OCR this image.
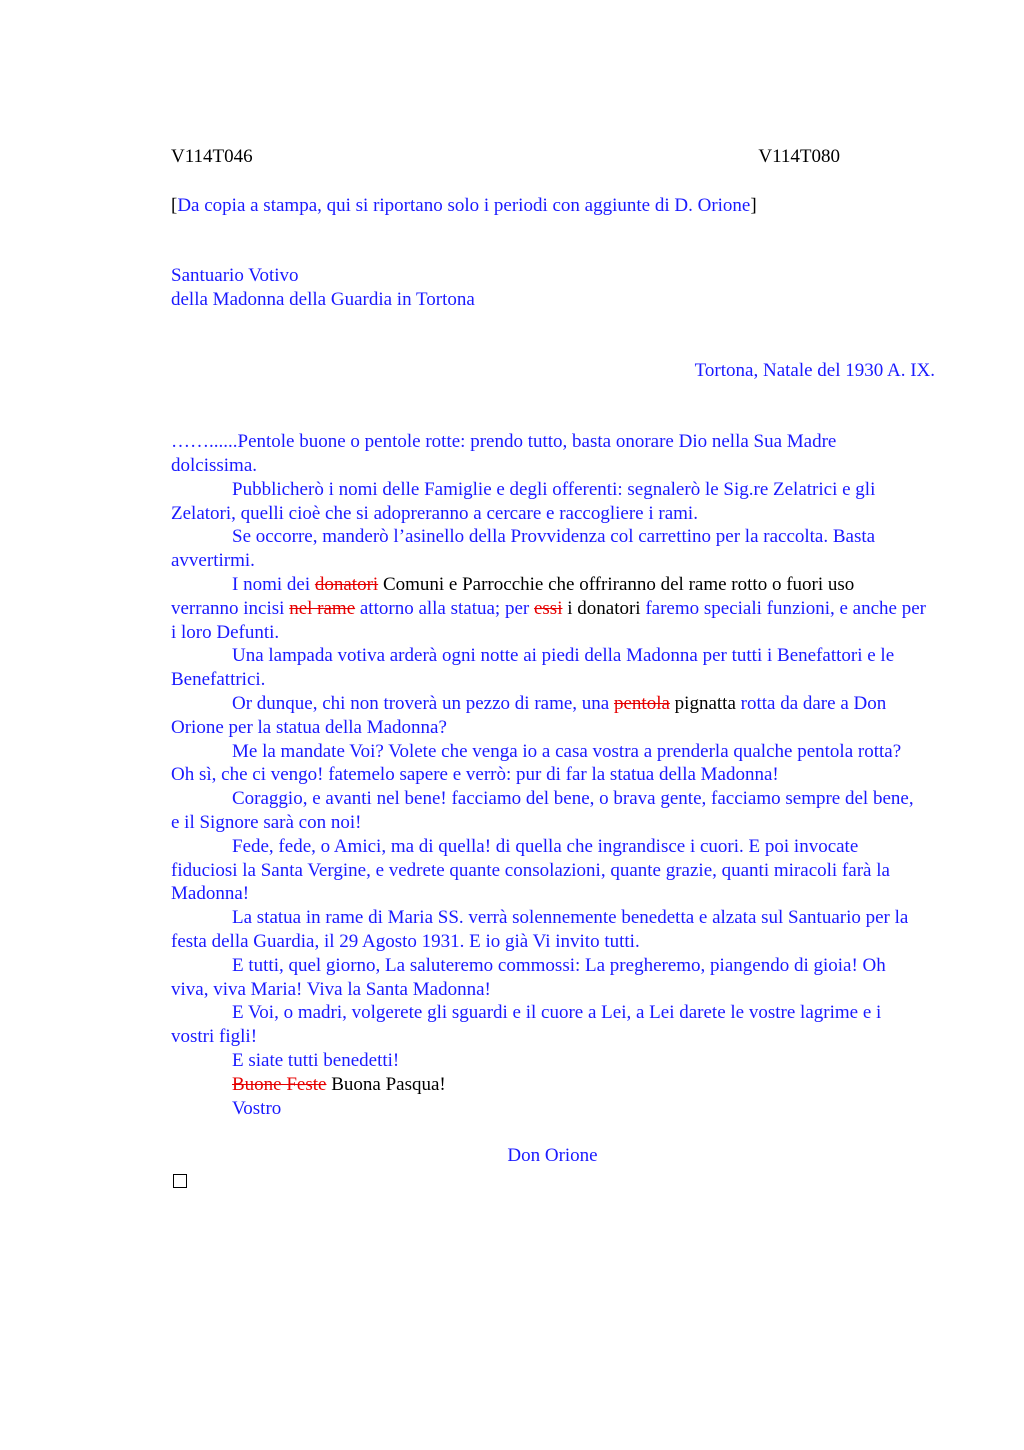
V114T046	V114T080

[Da copia a stampa, qui si riportano solo i periodi con aggiunte di D. Orione]

Santuario Votivo
della Madonna della Guardia in Tortona

Tortona, Natale del 1930 A. IX.

……......Pentole buone o pentole rotte: prendo tutto, basta onorare Dio nella Sua Madre dolcissima.

Pubblicherò i nomi delle Famiglie e degli offerenti: segnalerò le Sig.re Zelatrici e gli Zelatori, quelli cioè che si adopreranno a cercare e raccogliere i rami.

Se occorre, manderò l’asinello della Provvidenza col carrettino per la raccolta. Basta avvertirmi.

I nomi dei donatori Comuni e Parrocchie che offriranno del rame rotto o fuori uso verranno incisi nel rame attorno alla statua; per essi i donatori faremo speciali funzioni, e anche per i loro Defunti.

Una lampada votiva arderà ogni notte ai piedi della Madonna per tutti i Benefattori e le Benefattrici.

Or dunque, chi non troverà un pezzo di rame, una pentola pignatta rotta da dare a Don Orione per la statua della Madonna?

Me la mandate Voi? Volete che venga io a casa vostra a prenderla qualche pentola rotta? Oh sì, che ci vengo! fatemelo sapere e verrò: pur di far la statua della Madonna!

Coraggio, e avanti nel bene! facciamo del bene, o brava gente, facciamo sempre del bene, e il Signore sarà con noi!

Fede, fede, o Amici, ma di quella! di quella che ingrandisce i cuori. E poi invocate fiduciosi la Santa Vergine, e vedrete quante consolazioni, quante grazie, quanti miracoli farà la Madonna!

La statua in rame di Maria SS. verrà solennemente benedetta e alzata sul Santuario per la festa della Guardia, il 29 Agosto 1931. E io già Vi invito tutti.

E tutti, quel giorno, La saluteremo commossi: La pregheremo, piangendo di gioia! Oh viva, viva Maria! Viva la Santa Madonna!

E Voi, o madri, volgerete gli sguardi e il cuore a Lei, a Lei darete le vostre lagrime e i vostri figli!

E siate tutti benedetti!

Buone Feste Buona Pasqua!

Vostro

Don Orione
